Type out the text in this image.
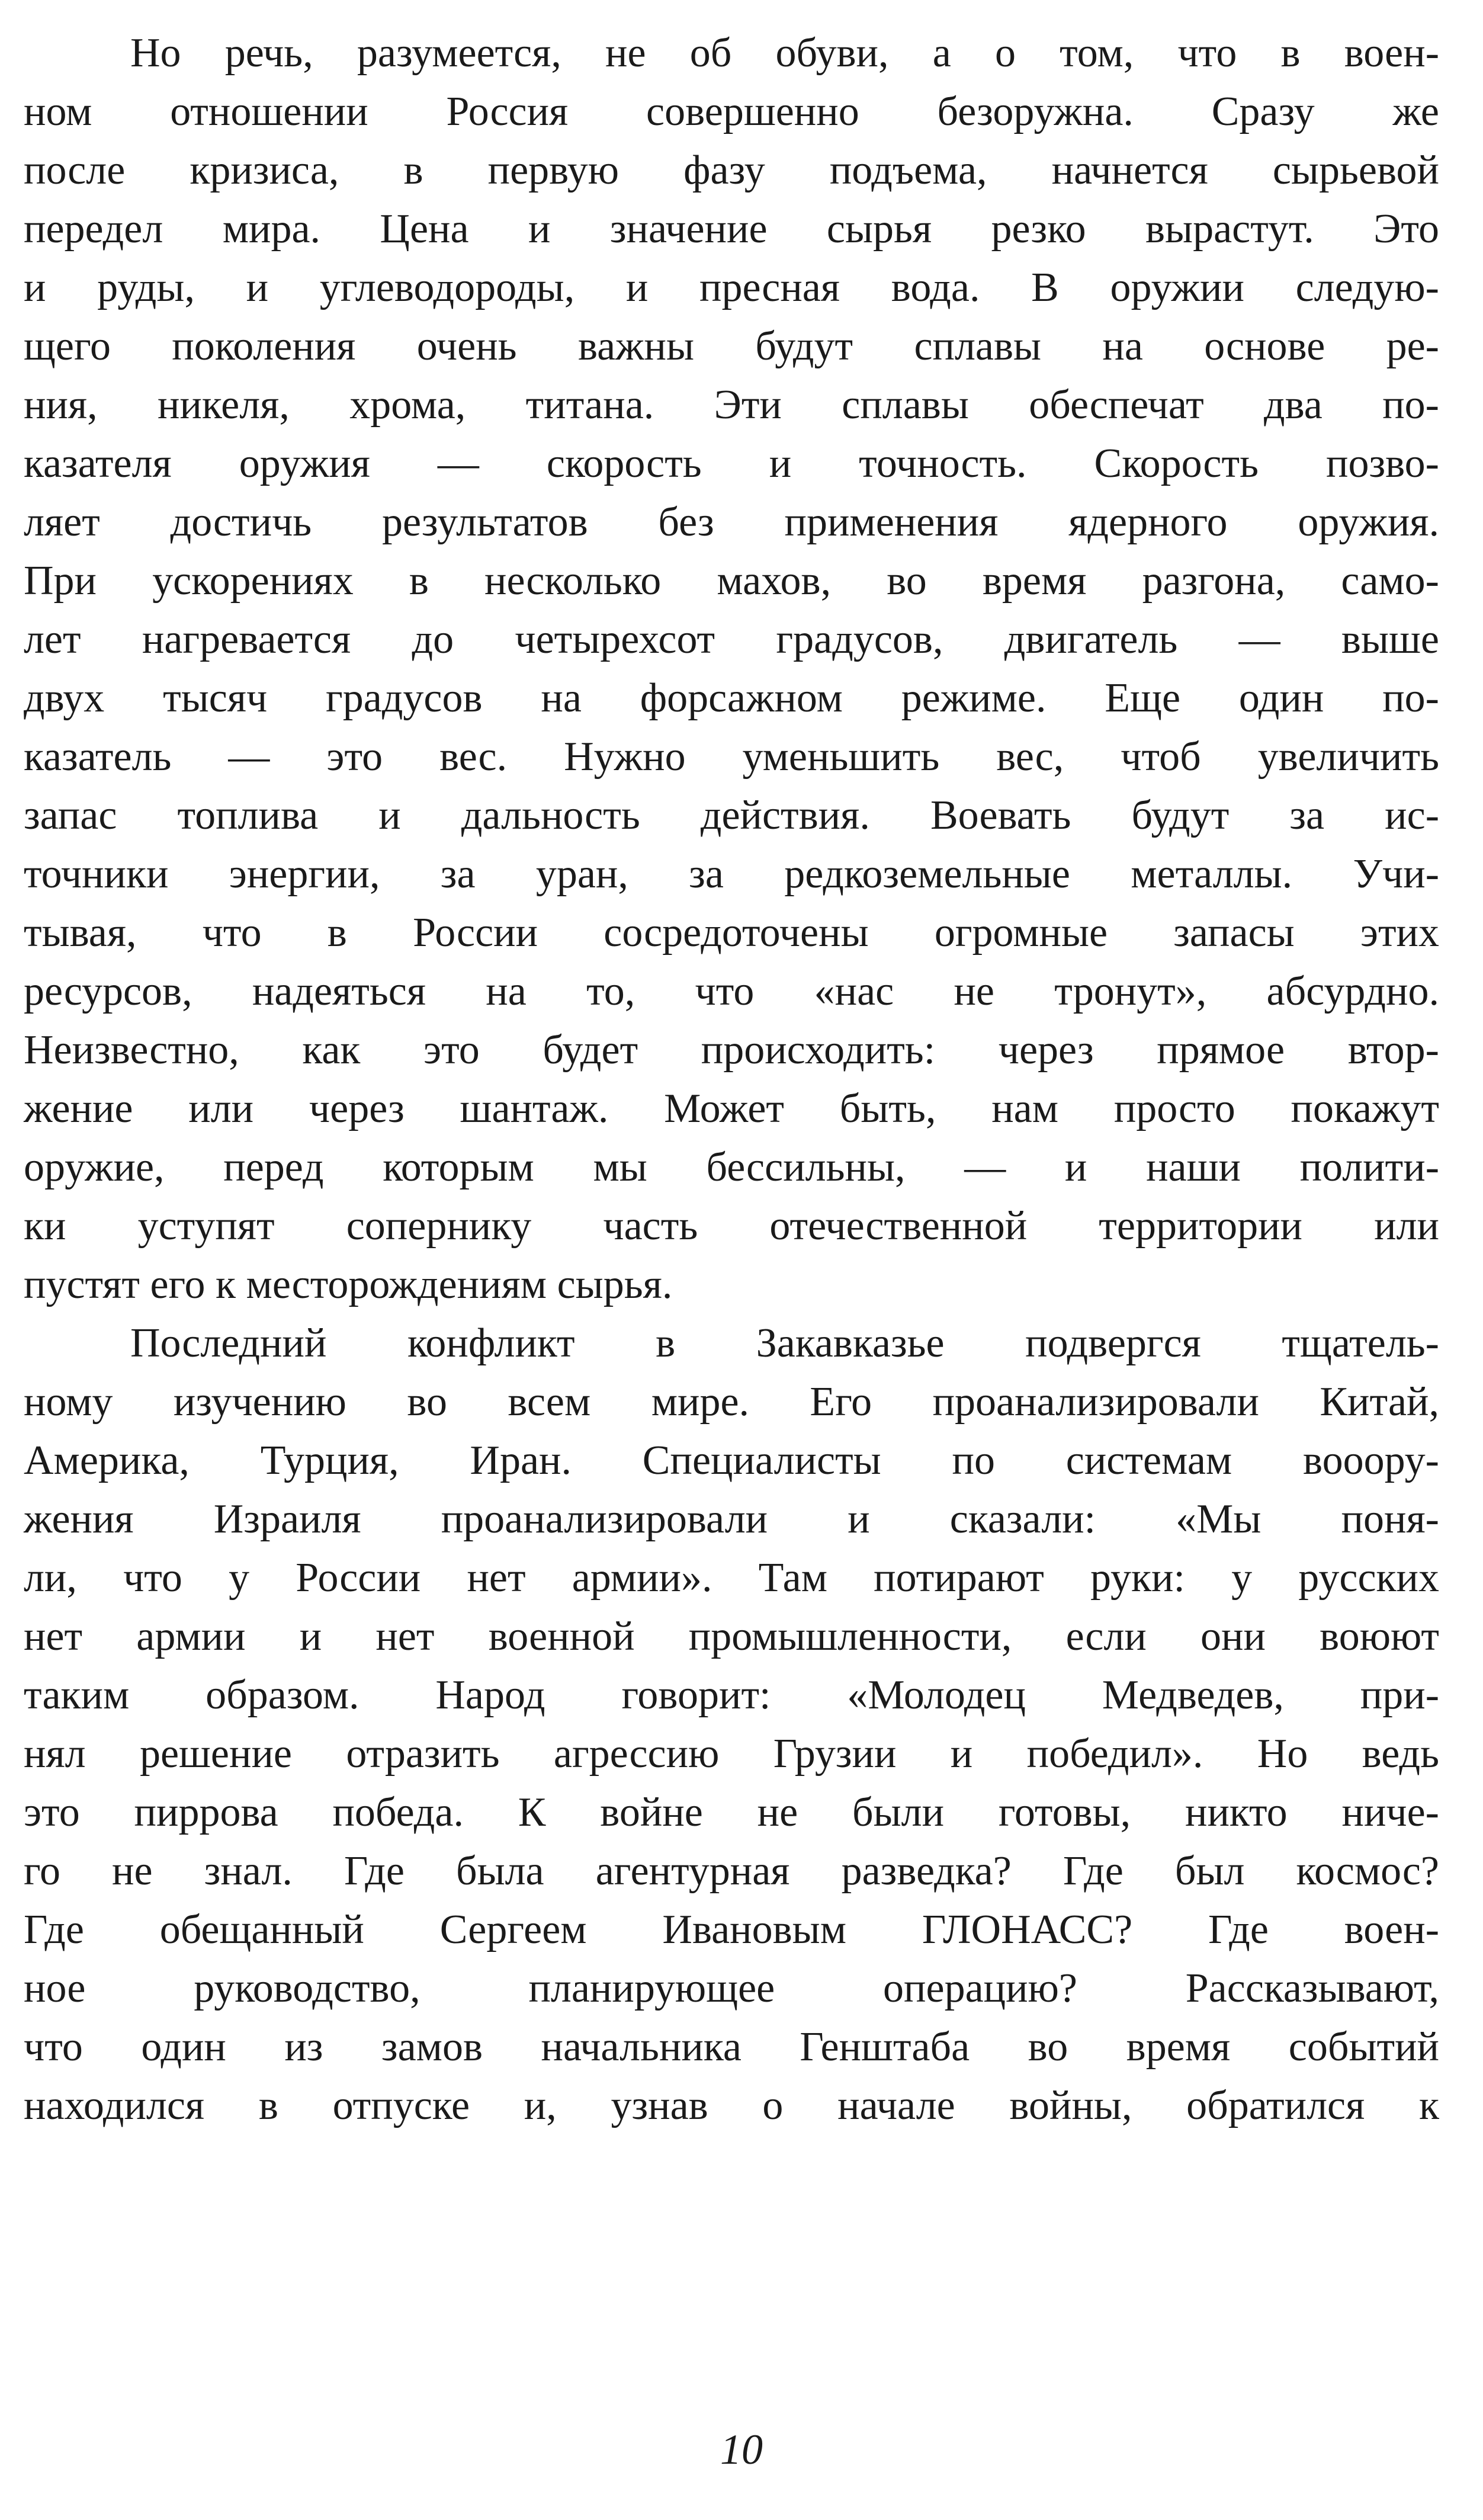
Но речь, разумеется, не об обуви, а о том, что в воен-
ном отношении Россия совершенно безоружна. Сразу же
после кризиса, в первую фазу подъема, начнется сырьевой
передел мира. Цена и значение сырья резко вырастут. Это
и руды, и углеводороды, и пресная вода. В оружии следую-
щего поколения очень важны будут сплавы на основе ре-
ния, никеля, хрома, титана. Эти сплавы обеспечат два по-
казателя оружия — скорость и точность. Скорость позво-
ляет достичь результатов без применения ядерного оружия.
При ускорениях в несколько махов, во время разгона, само-
лет нагревается до четырехсот градусов, двигатель — выше
двух тысяч градусов на форсажном режиме. Еще один по-
казатель — это вес. Нужно уменьшить вес, чтоб увеличить
запас топлива и дальность действия. Воевать будут за ис-
точники энергии, за уран, за редкоземельные металлы. Учи-
тывая, что в России сосредоточены огромные запасы этих
ресурсов, надеяться на то, что «нас не тронут», абсурдно.
Неизвестно, как это будет происходить: через прямое втор-
жение или через шантаж. Может быть, нам просто покажут
оружие, перед которым мы бессильны, — и наши полити-
ки уступят сопернику часть отечественной территории или
пустят его к месторождениям сырья.
Последний конфликт в Закавказье подвергся тщатель-
ному изучению во всем мире. Его проанализировали Китай,
Америка, Турция, Иран. Специалисты по системам вооору-
жения Израиля проанализировали и сказали: «Мы поня-
ли, что у России нет армии». Там потирают руки: у русских
нет армии и нет военной промышленности, если они воюют
таким образом. Народ говорит: «Молодец Медведев, при-
нял решение отразить агрессию Грузии и победил». Но ведь
это пиррова победа. К войне не были готовы, никто ниче-
го не знал. Где была агентурная разведка? Где был космос?
Где обещанный Сергеем Ивановым ГЛОНАСС? Где воен-
ное руководство, планирующее операцию? Рассказывают,
что один из замов начальника Генштаба во время событий
находился в отпуске и, узнав о начале войны, обратился к
10
